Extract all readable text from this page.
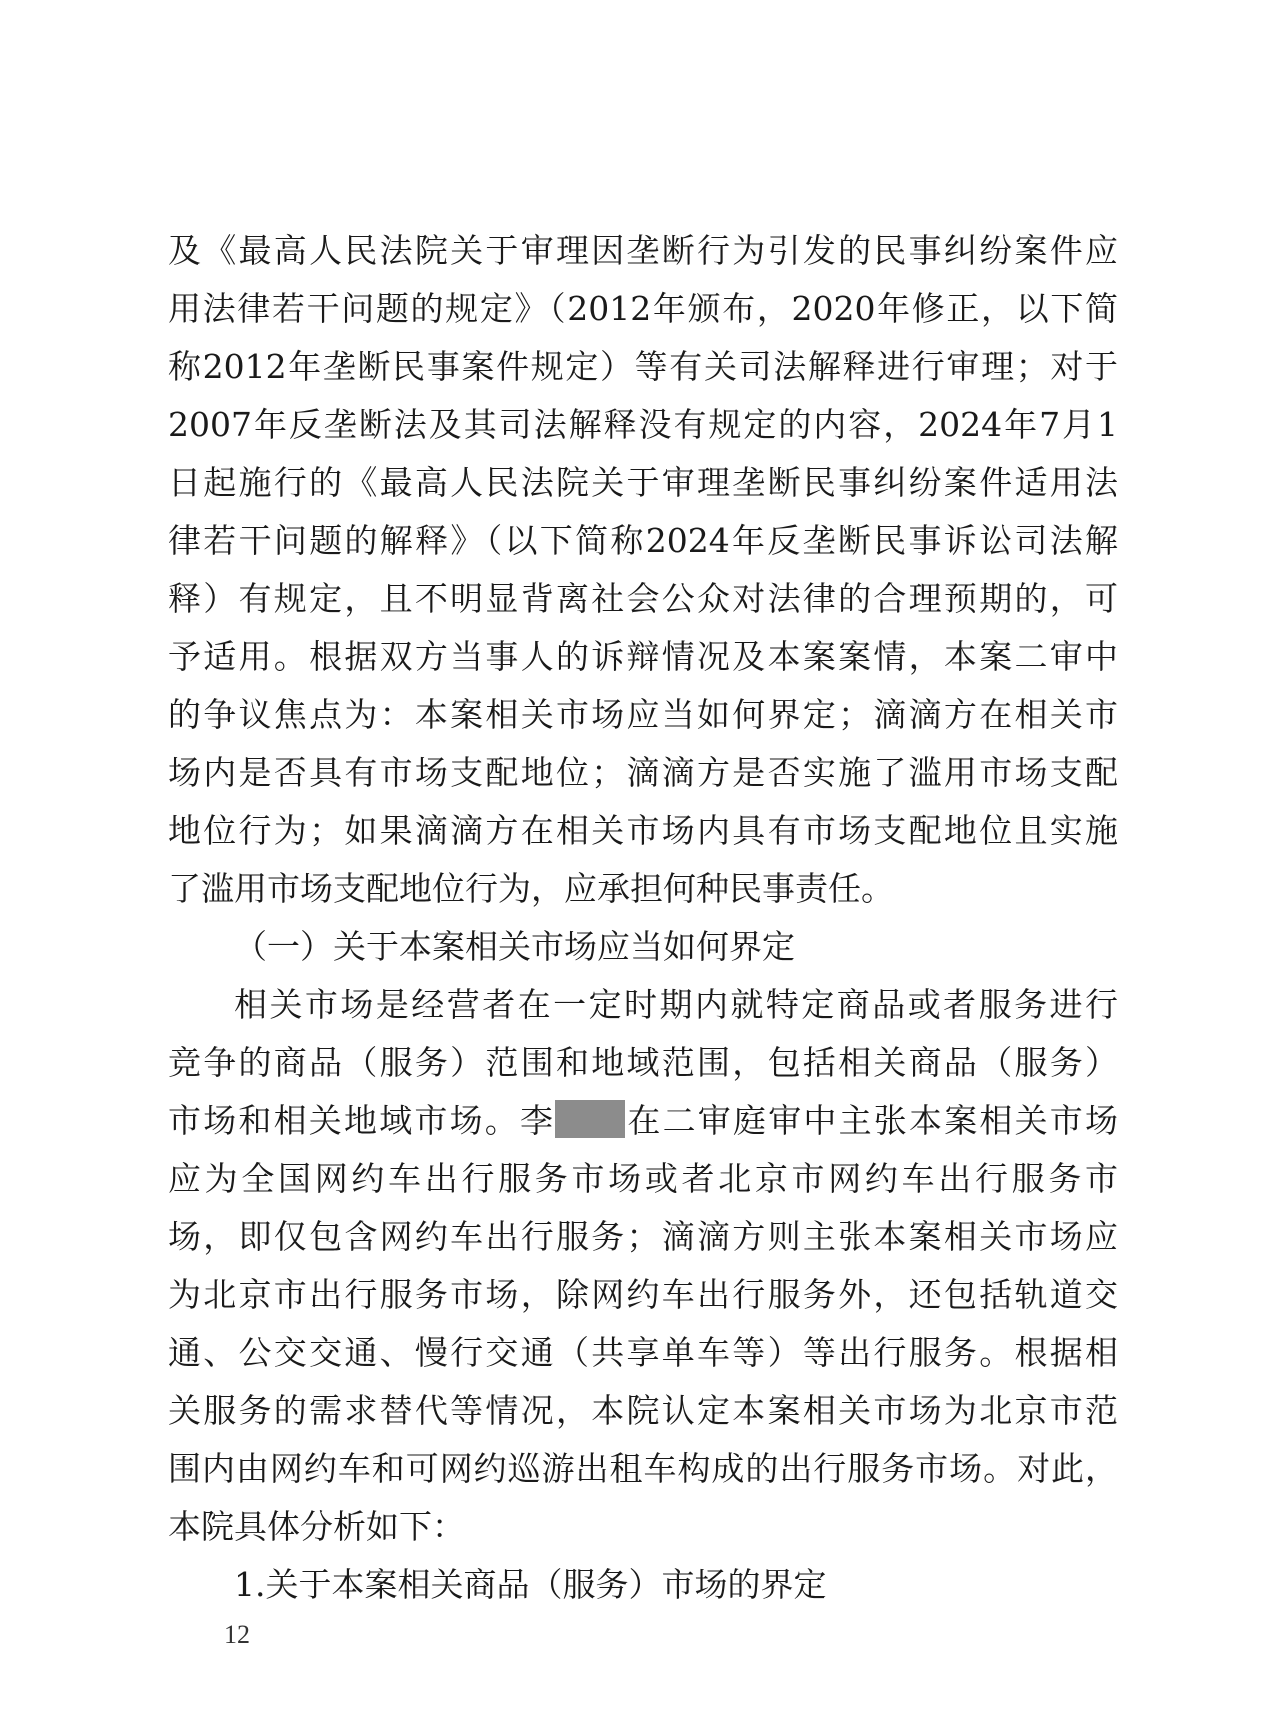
及《最高人民法院关于审理因垄断行为引发的民事纠纷案件应
用法律若干问题的规定》（2012年颁布，2020年修正，以下简
称2012年垄断民事案件规定）等有关司法解释进行审理；对于
2007年反垄断法及其司法解释没有规定的内容，2024年7月1
日起施行的《最高人民法院关于审理垄断民事纠纷案件适用法
律若干问题的解释》（以下简称2024年反垄断民事诉讼司法解
释）有规定，且不明显背离社会公众对法律的合理预期的，可
予适用。根据双方当事人的诉辩情况及本案案情，本案二审中
的争议焦点为：本案相关市场应当如何界定；滴滴方在相关市
场内是否具有市场支配地位；滴滴方是否实施了滥用市场支配
地位行为；如果滴滴方在相关市场内具有市场支配地位且实施
了滥用市场支配地位行为，应承担何种民事责任。
（一）关于本案相关市场应当如何界定
相关市场是经营者在一定时期内就特定商品或者服务进行
竞争的商品（服务）范围和地域范围，包括相关商品（服务）
市场和相关地域市场。李 在二审庭审中主张本案相关市场
应为全国网约车出行服务市场或者北京市网约车出行服务市
场，即仅包含网约车出行服务；滴滴方则主张本案相关市场应
为北京市出行服务市场，除网约车出行服务外，还包括轨道交
通、公交交通、慢行交通（共享单车等）等出行服务。根据相
关服务的需求替代等情况，本院认定本案相关市场为北京市范
围内由网约车和可网约巡游出租车构成的出行服务市场。对此，
本院具体分析如下：
1.关于本案相关商品（服务）市场的界定
12
